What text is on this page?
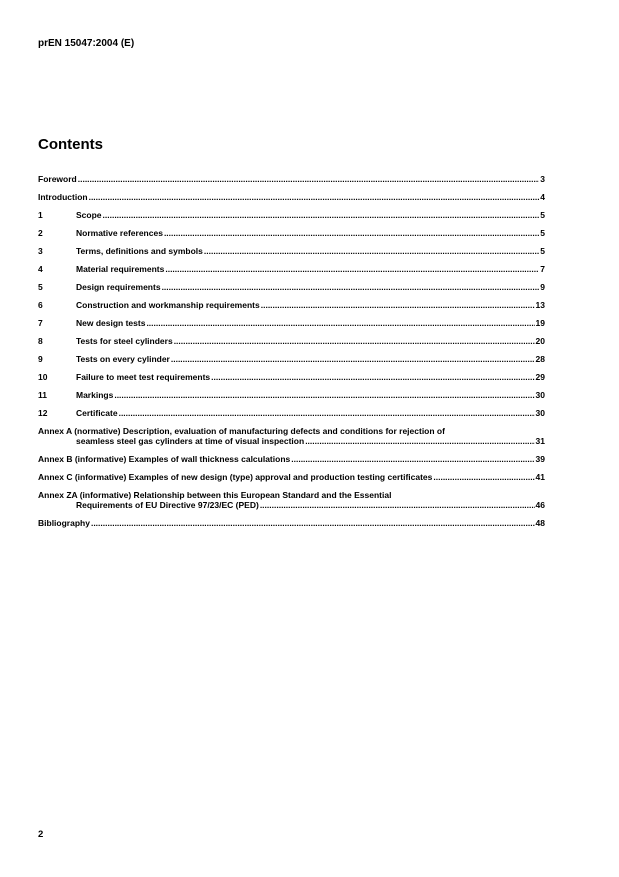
prEN 15047:2004 (E)
Contents
Foreword .....	3
Introduction .....	4
1	Scope .....	5
2	Normative references .....	5
3	Terms, definitions and symbols .....	5
4	Material requirements .....	7
5	Design requirements .....	9
6	Construction and workmanship requirements .....	13
7	New design tests .....	19
8	Tests for steel cylinders .....	20
9	Tests on every cylinder .....	28
10	Failure to meet test requirements .....	29
11	Markings .....	30
12	Certificate .....	30
Annex A (normative) Description, evaluation of manufacturing defects and conditions for rejection of
seamless steel gas cylinders at time of visual inspection .....	31
Annex B (informative) Examples of wall thickness calculations .....	39
Annex C (informative) Examples of new design (type) approval and production testing certificates .....	41
Annex ZA (informative) Relationship between this European Standard and the Essential
Requirements of EU Directive 97/23/EC (PED) .....	46
Bibliography .....	48
2
